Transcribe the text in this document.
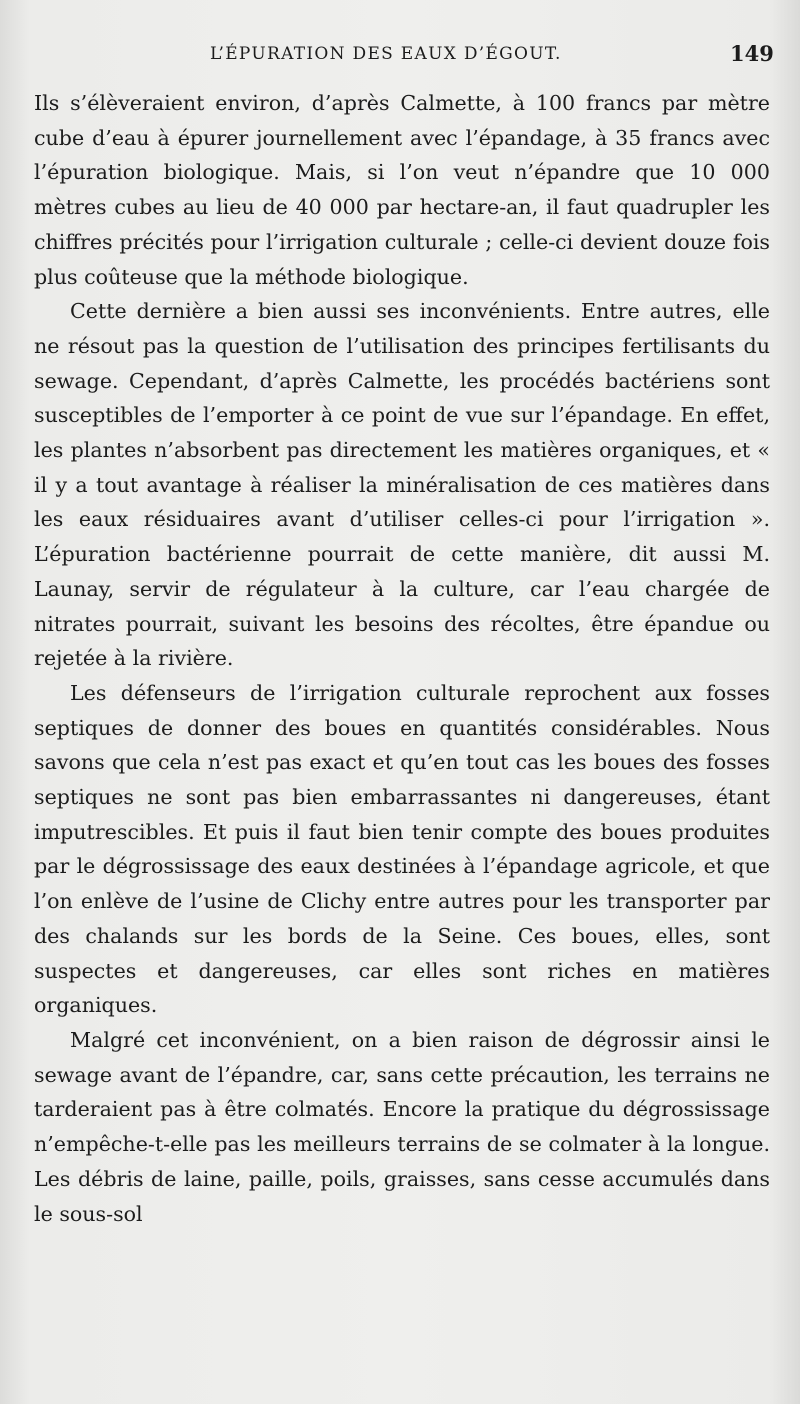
L’ÉPURATION DES EAUX D’ÉGOUT.	149

Ils s’élèveraient environ, d’après Calmette, à 100 francs par mètre cube d’eau à épurer journellement avec l’épandage, à 35 francs avec l’épuration biologique. Mais, si l’on veut n’épandre que 10 000 mètres cubes au lieu de 40 000 par hectare-an, il faut quadrupler les chiffres précités pour l’irrigation culturale ; celle-ci devient douze fois plus coûteuse que la méthode biologique.

Cette dernière a bien aussi ses inconvénients. Entre autres, elle ne résout pas la question de l’utilisation des principes fertilisants du sewage. Cependant, d’après Calmette, les procédés bactériens sont susceptibles de l’emporter à ce point de vue sur l’épandage. En effet, les plantes n’absorbent pas directement les matières organiques, et « il y a tout avantage à réaliser la minéralisation de ces matières dans les eaux résiduaires avant d’utiliser celles-ci pour l’irrigation ». L’épuration bactérienne pourrait de cette manière, dit aussi M. Launay, servir de régulateur à la culture, car l’eau chargée de nitrates pourrait, suivant les besoins des récoltes, être épandue ou rejetée à la rivière.

Les défenseurs de l’irrigation culturale reprochent aux fosses septiques de donner des boues en quantités considérables. Nous savons que cela n’est pas exact et qu’en tout cas les boues des fosses septiques ne sont pas bien embarrassantes ni dangereuses, étant imputrescibles. Et puis il faut bien tenir compte des boues produites par le dégrossissage des eaux destinées à l’épandage agricole, et que l’on enlève de l’usine de Clichy entre autres pour les transporter par des chalands sur les bords de la Seine. Ces boues, elles, sont suspectes et dangereuses, car elles sont riches en matières organiques.

Malgré cet inconvénient, on a bien raison de dégrossir ainsi le sewage avant de l’épandre, car, sans cette précaution, les terrains ne tarderaient pas à être colmatés. Encore la pratique du dégrossissage n’empêche-t-elle pas les meilleurs terrains de se colmater à la longue. Les débris de laine, paille, poils, graisses, sans cesse accumulés dans le sous-sol
